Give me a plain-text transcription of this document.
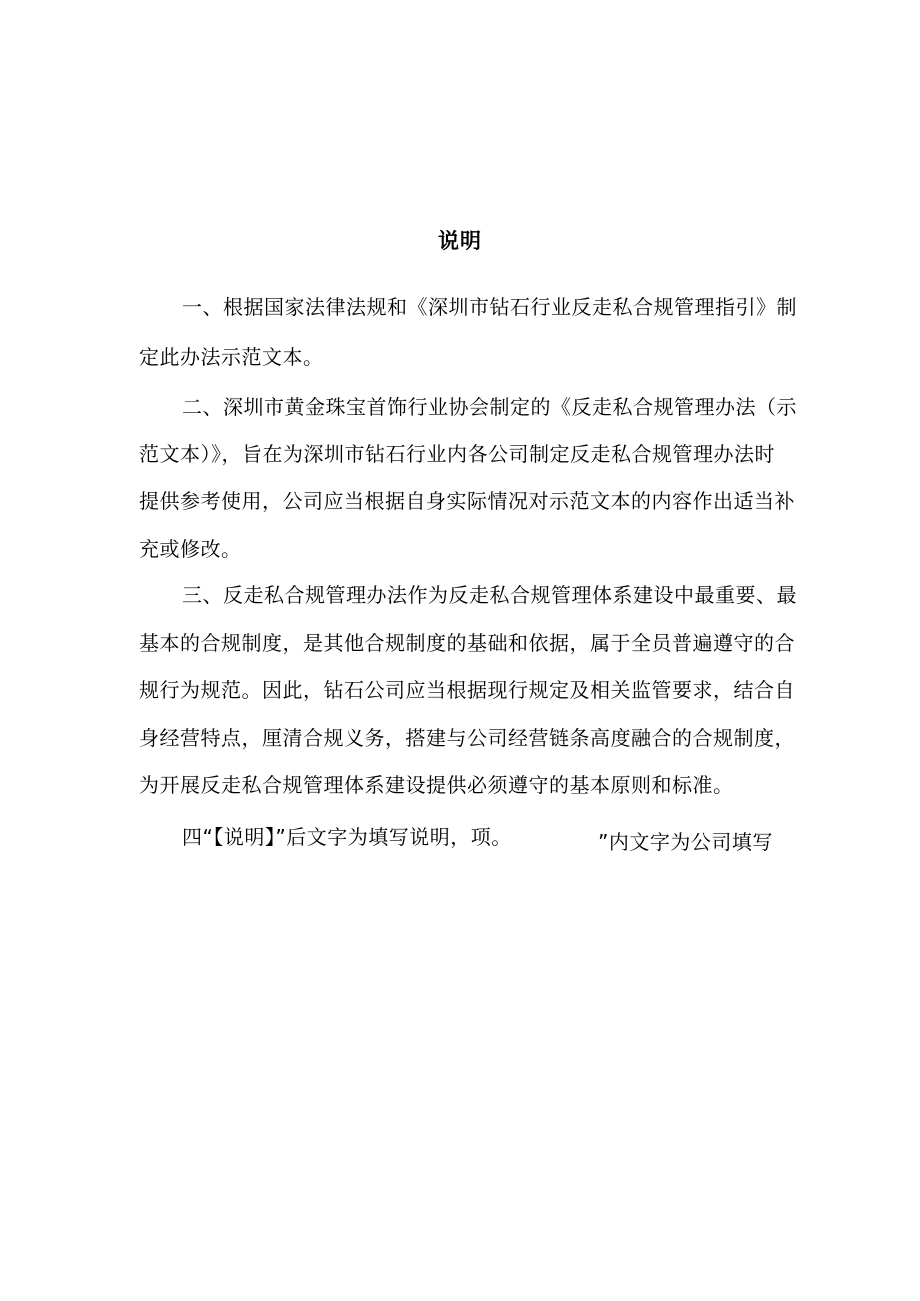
说明
一、根据国家法律法规和《深圳市钻石行业反走私合规管理指引》制
定此办法示范文本。
二、深圳市黄金珠宝首饰行业协会制定的《反走私合规管理办法（示
范文本）》，旨在为深圳市钻石行业内各公司制定反走私合规管理办法时
提供参考使用，公司应当根据自身实际情况对示范文本的内容作出适当补
充或修改。
三、反走私合规管理办法作为反走私合规管理体系建设中最重要、最
基本的合规制度，是其他合规制度的基础和依据，属于全员普遍遵守的合
规行为规范。因此，钻石公司应当根据现行规定及相关监管要求，结合自
身经营特点，厘清合规义务，搭建与公司经营链条高度融合的合规制度，
为开展反走私合规管理体系建设提供必须遵守的基本原则和标准。
四“【说明】”后文字为填写说明，项。	”内文字为公司填写
